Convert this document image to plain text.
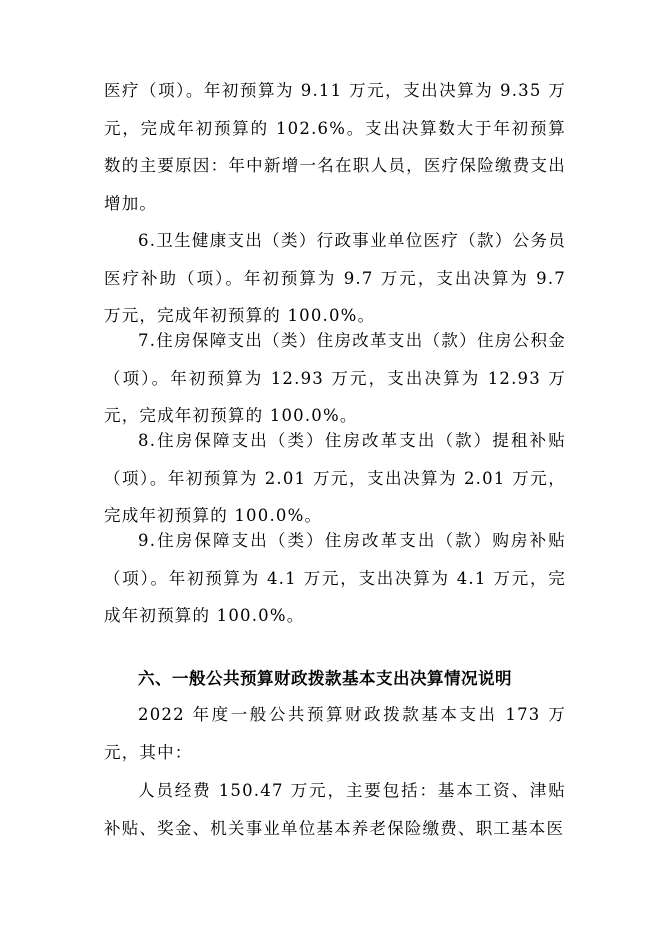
医疗（项）。年初预算为 9.11 万元，支出决算为 9.35 万元，完成年初预算的 102.6%。支出决算数大于年初预算数的主要原因：年中新增一名在职人员，医疗保险缴费支出增加。

6.卫生健康支出（类）行政事业单位医疗（款）公务员医疗补助（项）。年初预算为 9.7 万元，支出决算为 9.7 万元，完成年初预算的 100.0%。

7.住房保障支出（类）住房改革支出（款）住房公积金（项）。年初预算为 12.93 万元，支出决算为 12.93 万元，完成年初预算的 100.0%。

8.住房保障支出（类）住房改革支出（款）提租补贴（项）。年初预算为 2.01 万元，支出决算为 2.01 万元，完成年初预算的 100.0%。

9.住房保障支出（类）住房改革支出（款）购房补贴（项）。年初预算为 4.1 万元，支出决算为 4.1 万元，完成年初预算的 100.0%。

六、一般公共预算财政拨款基本支出决算情况说明

2022 年度一般公共预算财政拨款基本支出 173 万元，其中：

人员经费 150.47 万元，主要包括：基本工资、津贴补贴、奖金、机关事业单位基本养老保险缴费、职工基本医
